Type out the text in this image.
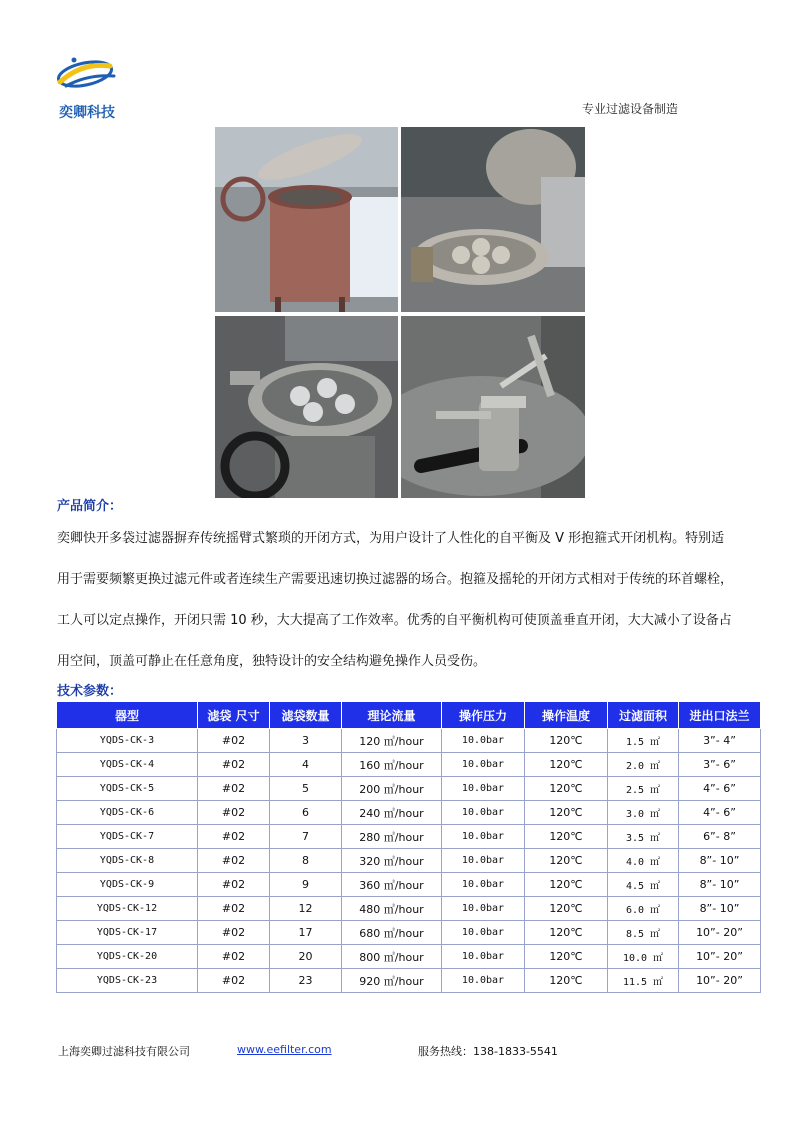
奕卿科技	专业过滤设备制造
产品简介：

奕卿快开多袋过滤器摒弃传统摇臂式繁琐的开闭方式，为用户设计了人性化的自平衡及 V 形抱箍式开闭机构。特别适

用于需要频繁更换过滤元件或者连续生产需要迅速切换过滤器的场合。抱箍及摇轮的开闭方式相对于传统的环首螺栓，

工人可以定点操作，开闭只需 10 秒，大大提高了工作效率。优秀的自平衡机构可使顶盖垂直开闭，大大减小了设备占

用空间，顶盖可静止在任意角度，独特设计的安全结构避免操作人员受伤。

技术参数：
器型	滤袋 尺寸	滤袋数量	理论流量	操作压力	操作温度	过滤面积	进出口法兰
YQDS-CK-3	#02	3	120 ㎥/hour	10.0bar	120℃	1.5 ㎡	3”- 4”
YQDS-CK-4	#02	4	160 ㎥/hour	10.0bar	120℃	2.0 ㎡	3”- 6”
YQDS-CK-5	#02	5	200 ㎥/hour	10.0bar	120℃	2.5 ㎡	4”- 6”
YQDS-CK-6	#02	6	240 ㎥/hour	10.0bar	120℃	3.0 ㎡	4”- 6”
YQDS-CK-7	#02	7	280 ㎥/hour	10.0bar	120℃	3.5 ㎡	6”- 8”
YQDS-CK-8	#02	8	320 ㎥/hour	10.0bar	120℃	4.0 ㎡	8”- 10”
YQDS-CK-9	#02	9	360 ㎥/hour	10.0bar	120℃	4.5 ㎡	8”- 10”
YQDS-CK-12	#02	12	480 ㎥/hour	10.0bar	120℃	6.0 ㎡	8”- 10”
YQDS-CK-17	#02	17	680 ㎥/hour	10.0bar	120℃	8.5 ㎡	10”- 20”
YQDS-CK-20	#02	20	800 ㎥/hour	10.0bar	120℃	10.0 ㎡	10”- 20”
YQDS-CK-23	#02	23	920 ㎥/hour	10.0bar	120℃	11.5 ㎡	10”- 20”
上海奕卿过滤科技有限公司	www.eefilter.com	服务热线：138-1833-5541
